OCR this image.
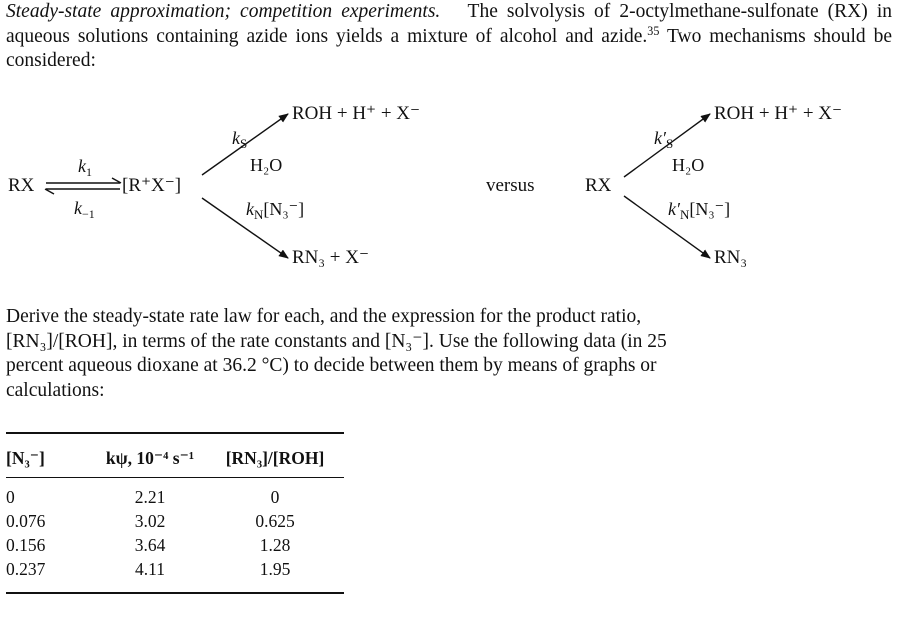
Steady-state approximation; competition experiments. The solvolysis of 2-octylmethane-sulfonate (RX) in aqueous solutions containing azide ions yields a mixture of alcohol and azide.$^{35}$ Two mechanisms should be considered:

RX
$k_1$
$k_{-1}$
[R⁺X⁻]
ROH + H⁺ + X⁻
$k_S$
H₂O
$k_N[N_3^-]$
RN₃ + X⁻
versus	RX
ROH + H⁺ + X⁻
$k'_S$
H₂O
$k'_N[N_3^-]$
RN₃
Derive the steady-state rate law for each, and the expression for the product ratio,
[RN₃]/[ROH], in terms of the rate constants and [N₃⁻]. Use the following data (in 25
percent aqueous dioxane at 36.2 °C) to decide between them by means of graphs or
calculations:
[N₃⁻]	kψ, 10⁻⁴ s⁻¹	[RN₃]/[ROH]
0	2.21	0
0.076	3.02	0.625
0.156	3.64	1.28
0.237	4.11	1.95
